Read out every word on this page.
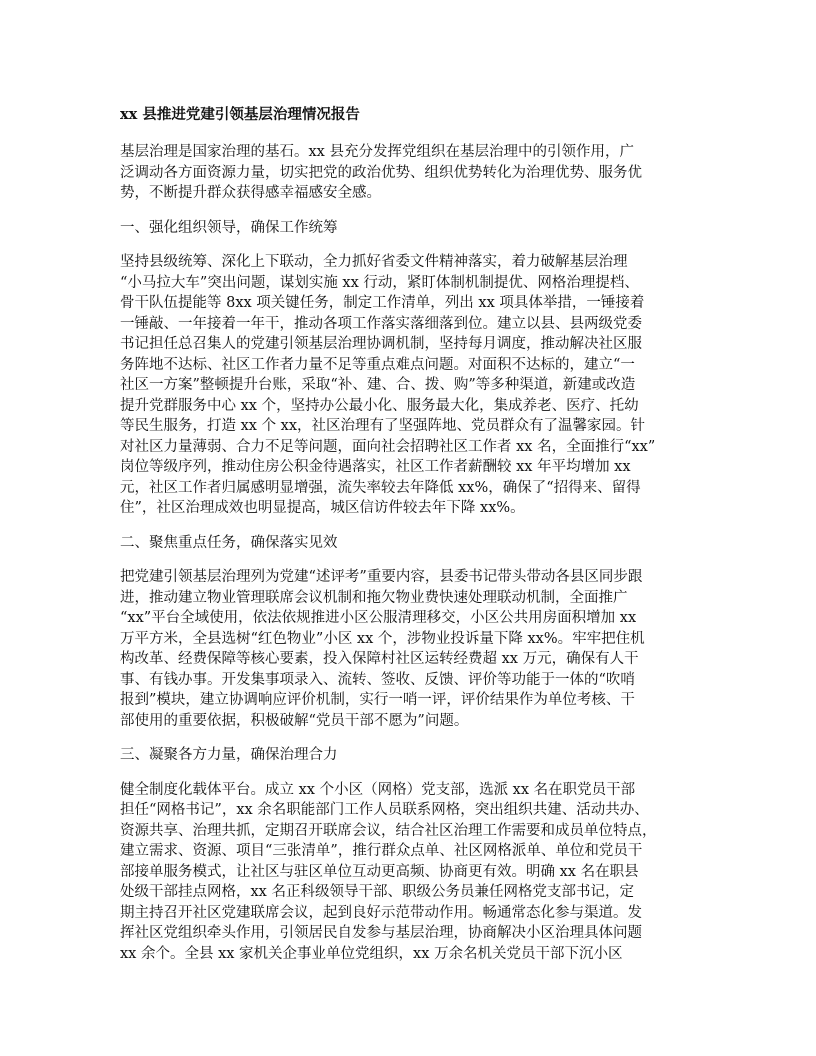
xx 县推进党建引领基层治理情况报告
基层治理是国家治理的基石。xx 县充分发挥党组织在基层治理中的引领作用，广
泛调动各方面资源力量，切实把党的政治优势、组织优势转化为治理优势、服务优
势，不断提升群众获得感幸福感安全感。
一、强化组织领导，确保工作统筹
坚持县级统筹、深化上下联动，全力抓好省委文件精神落实，着力破解基层治理
“小马拉大车”突出问题，谋划实施 xx 行动，紧盯体制机制提优、网格治理提档、
骨干队伍提能等 8xx 项关键任务，制定工作清单，列出 xx 项具体举措，一锤接着
一锤敲、一年接着一年干，推动各项工作落实落细落到位。建立以县、县两级党委
书记担任总召集人的党建引领基层治理协调机制，坚持每月调度，推动解决社区服
务阵地不达标、社区工作者力量不足等重点难点问题。对面积不达标的，建立“一
社区一方案”整顿提升台账，采取“补、建、合、拨、购”等多种渠道，新建或改造
提升党群服务中心 xx 个，坚持办公最小化、服务最大化，集成养老、医疗、托幼
等民生服务，打造 xx 个 xx，社区治理有了坚强阵地、党员群众有了温馨家园。针
对社区力量薄弱、合力不足等问题，面向社会招聘社区工作者 xx 名，全面推行“xx”
岗位等级序列，推动住房公积金待遇落实，社区工作者薪酬较 xx 年平均增加 xx
元，社区工作者归属感明显增强，流失率较去年降低 xx%，确保了“招得来、留得
住”，社区治理成效也明显提高，城区信访件较去年下降 xx%。
二、聚焦重点任务，确保落实见效
把党建引领基层治理列为党建“述评考”重要内容，县委书记带头带动各县区同步跟
进，推动建立物业管理联席会议机制和拖欠物业费快速处理联动机制，全面推广
“xx”平台全域使用，依法依规推进小区公服清理移交，小区公共用房面积增加 xx
万平方米，全县选树“红色物业”小区 xx 个，涉物业投诉量下降 xx%。牢牢把住机
构改革、经费保障等核心要素，投入保障村社区运转经费超 xx 万元，确保有人干
事、有钱办事。开发集事项录入、流转、签收、反馈、评价等功能于一体的“吹哨
报到”模块，建立协调响应评价机制，实行一哨一评，评价结果作为单位考核、干
部使用的重要依据，积极破解“党员干部不愿为”问题。
三、凝聚各方力量，确保治理合力
健全制度化载体平台。成立 xx 个小区（网格）党支部，选派 xx 名在职党员干部
担任“网格书记”，xx 余名职能部门工作人员联系网格，突出组织共建、活动共办、
资源共享、治理共抓，定期召开联席会议，结合社区治理工作需要和成员单位特点，
建立需求、资源、项目“三张清单”，推行群众点单、社区网格派单、单位和党员干
部接单服务模式，让社区与驻区单位互动更高频、协商更有效。明确 xx 名在职县
处级干部挂点网格，xx 名正科级领导干部、职级公务员兼任网格党支部书记，定
期主持召开社区党建联席会议，起到良好示范带动作用。畅通常态化参与渠道。发
挥社区党组织牵头作用，引领居民自发参与基层治理，协商解决小区治理具体问题
xx 余个。全县 xx 家机关企事业单位党组织，xx 万余名机关党员干部下沉小区
